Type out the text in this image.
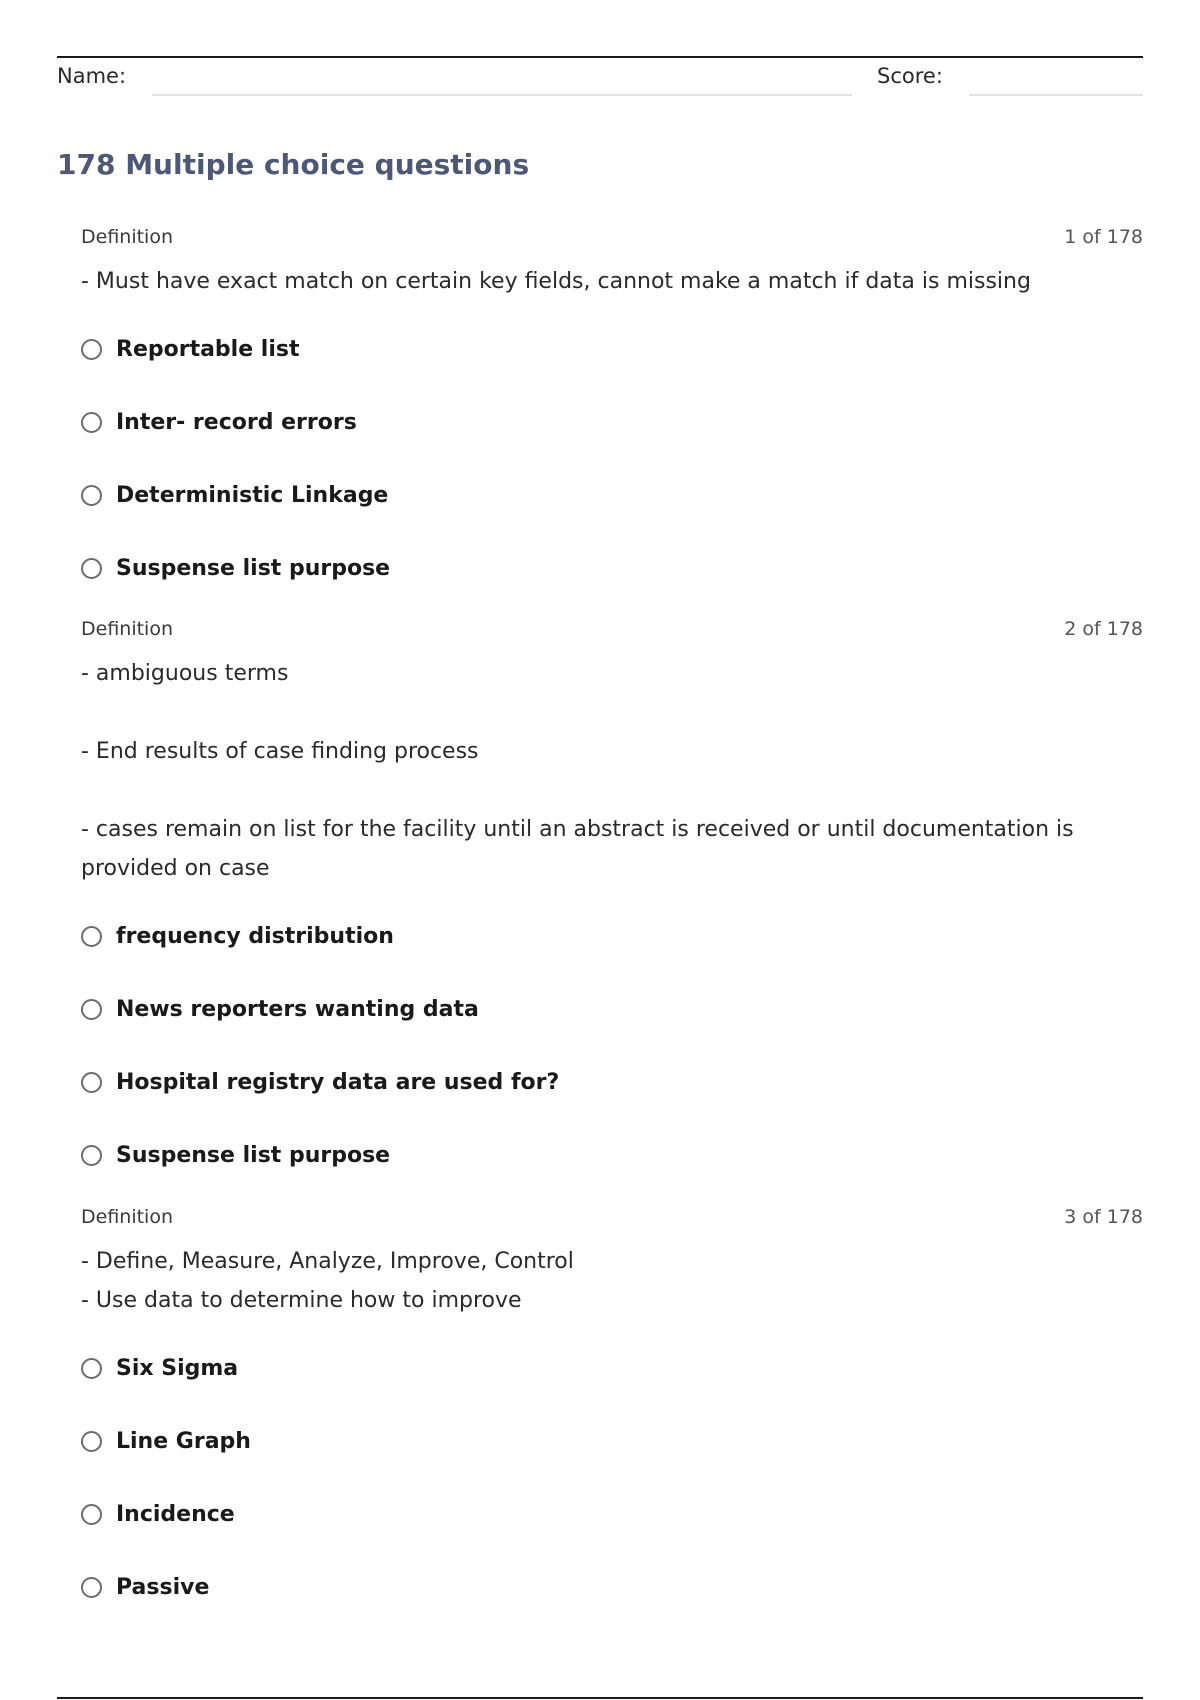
Name:	Score:
178 Multiple choice questions
Definition	1 of 178
- Must have exact match on certain key fields, cannot make a match if data is missing
Reportable list
Inter- record errors
Deterministic Linkage
Suspense list purpose
Definition	2 of 178
- ambiguous terms

- End results of case finding process

- cases remain on list for the facility until an abstract is received or until documentation is
provided on case
frequency distribution
News reporters wanting data
Hospital registry data are used for?
Suspense list purpose
Definition	3 of 178
- Define, Measure, Analyze, Improve, Control
- Use data to determine how to improve
Six Sigma
Line Graph
Incidence
Passive
